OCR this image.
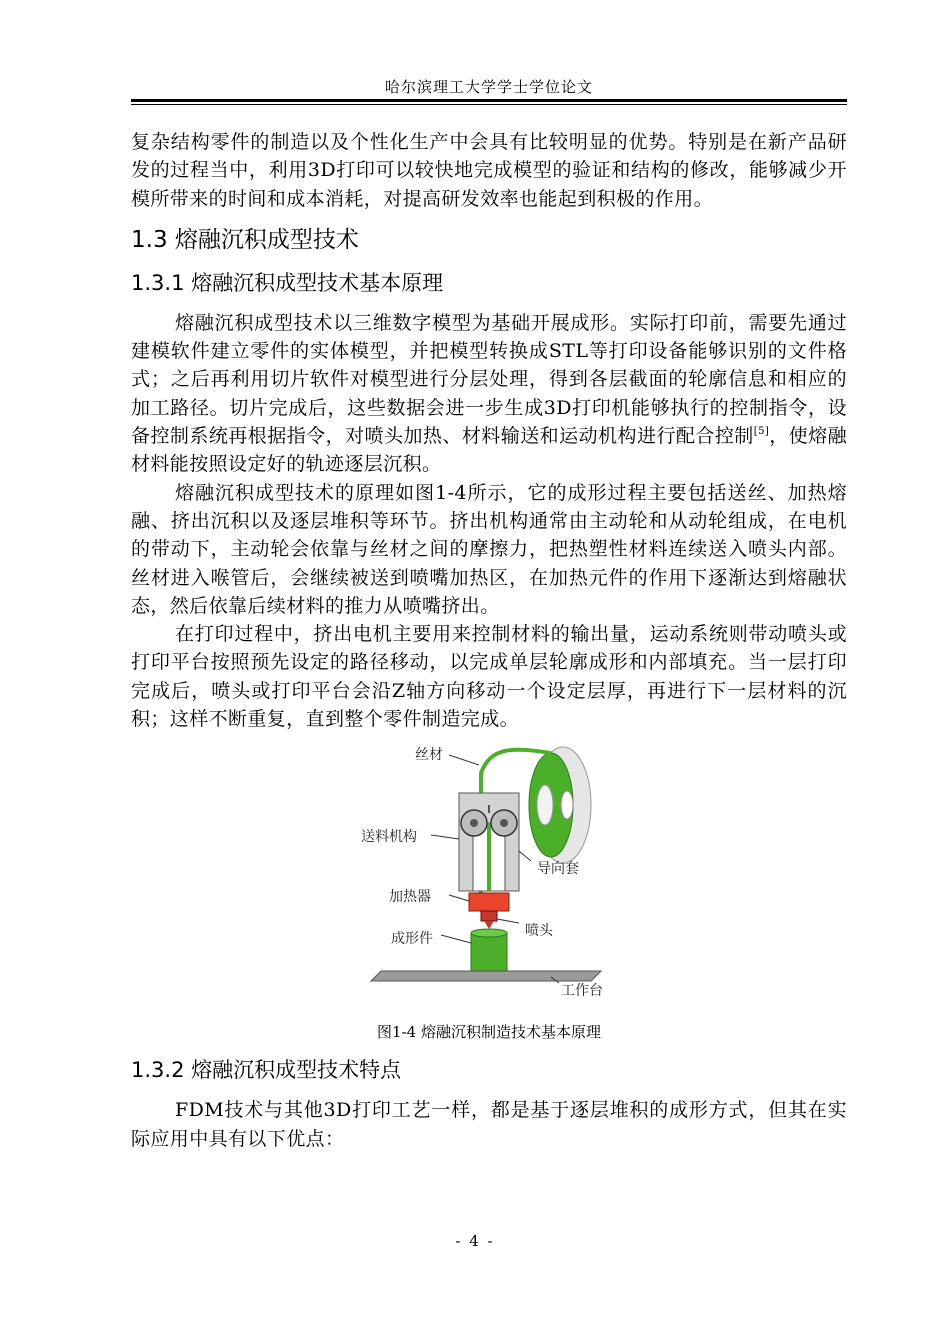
哈尔滨理工大学学士学位论文

复杂结构零件的制造以及个性化生产中会具有比较明显的优势。特别是在新产品研发的过程当中，利用3D打印可以较快地完成模型的验证和结构的修改，能够减少开模所带来的时间和成本消耗，对提高研发效率也能起到积极的作用。

1.3 熔融沉积成型技术
1.3.1 熔融沉积成型技术基本原理

熔融沉积成型技术以三维数字模型为基础开展成形。实际打印前，需要先通过建模软件建立零件的实体模型，并把模型转换成STL等打印设备能够识别的文件格式；之后再利用切片软件对模型进行分层处理，得到各层截面的轮廓信息和相应的加工路径。切片完成后，这些数据会进一步生成3D打印机能够执行的控制指令，设备控制系统再根据指令，对喷头加热、材料输送和运动机构进行配合控制[5]，使熔融材料能按照设定好的轨迹逐层沉积。

熔融沉积成型技术的原理如图1-4所示，它的成形过程主要包括送丝、加热熔融、挤出沉积以及逐层堆积等环节。挤出机构通常由主动轮和从动轮组成，在电机的带动下，主动轮会依靠与丝材之间的摩擦力，把热塑性材料连续送入喷头内部。丝材进入喉管后，会继续被送到喷嘴加热区，在加热元件的作用下逐渐达到熔融状态，然后依靠后续材料的推力从喷嘴挤出。

在打印过程中，挤出电机主要用来控制材料的输出量，运动系统则带动喷头或打印平台按照预先设定的路径移动，以完成单层轮廓成形和内部填充。当一层打印完成后，喷头或打印平台会沿Z轴方向移动一个设定层厚，再进行下一层材料的沉积；这样不断重复，直到整个零件制造完成。

丝材
送料机构
导向套
加热器
喷头
成形件
工作台

图1-4 熔融沉积制造技术基本原理

1.3.2 熔融沉积成型技术特点

FDM技术与其他3D打印工艺一样，都是基于逐层堆积的成形方式，但其在实际应用中具有以下优点：

- 4 -
